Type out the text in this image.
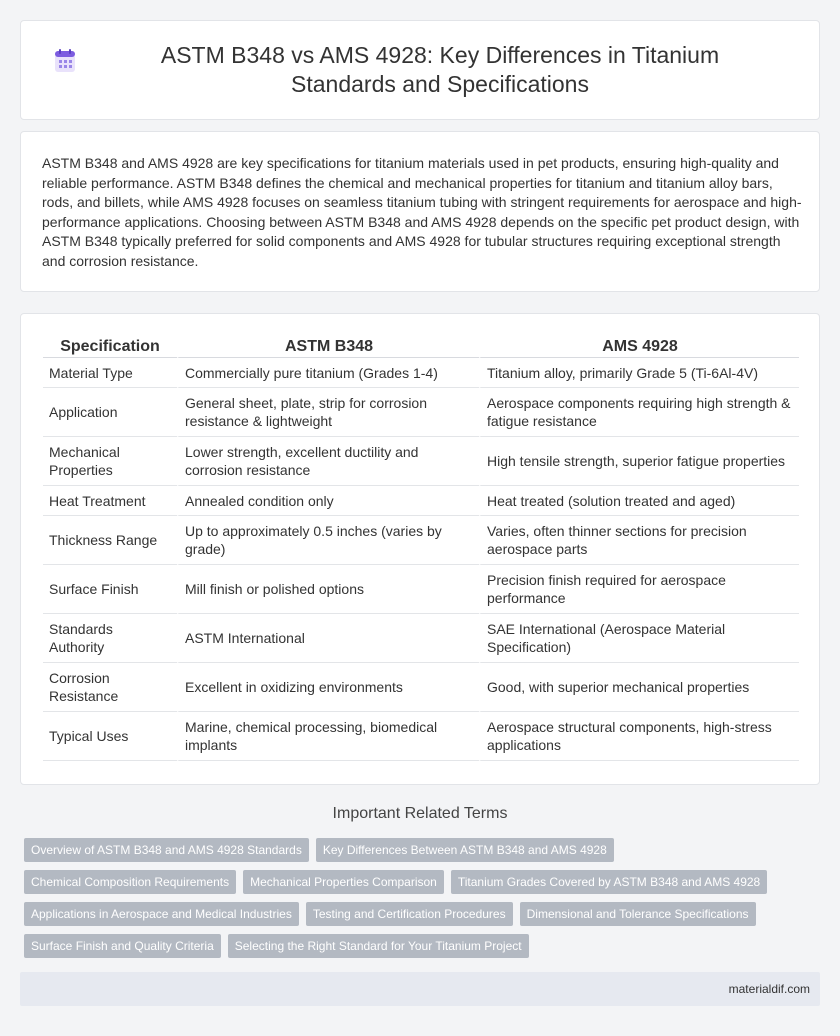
ASTM B348 vs AMS 4928: Key Differences in Titanium Standards and Specifications

ASTM B348 and AMS 4928 are key specifications for titanium materials used in pet products, ensuring high-quality and reliable performance. ASTM B348 defines the chemical and mechanical properties for titanium and titanium alloy bars, rods, and billets, while AMS 4928 focuses on seamless titanium tubing with stringent requirements for aerospace and high-performance applications. Choosing between ASTM B348 and AMS 4928 depends on the specific pet product design, with ASTM B348 typically preferred for solid components and AMS 4928 for tubular structures requiring exceptional strength and corrosion resistance.

Specification	ASTM B348	AMS 4928
Material Type	Commercially pure titanium (Grades 1-4)	Titanium alloy, primarily Grade 5 (Ti-6Al-4V)
Application	General sheet, plate, strip for corrosion resistance & lightweight	Aerospace components requiring high strength & fatigue resistance
Mechanical Properties	Lower strength, excellent ductility and corrosion resistance	High tensile strength, superior fatigue properties
Heat Treatment	Annealed condition only	Heat treated (solution treated and aged)
Thickness Range	Up to approximately 0.5 inches (varies by grade)	Varies, often thinner sections for precision aerospace parts
Surface Finish	Mill finish or polished options	Precision finish required for aerospace performance
Standards Authority	ASTM International	SAE International (Aerospace Material Specification)
Corrosion Resistance	Excellent in oxidizing environments	Good, with superior mechanical properties
Typical Uses	Marine, chemical processing, biomedical implants	Aerospace structural components, high-stress applications
Important Related Terms
Overview of ASTM B348 and AMS 4928 Standards	Key Differences Between ASTM B348 and AMS 4928
Chemical Composition Requirements	Mechanical Properties Comparison	Titanium Grades Covered by ASTM B348 and AMS 4928
Applications in Aerospace and Medical Industries	Testing and Certification Procedures	Dimensional and Tolerance Specifications
Surface Finish and Quality Criteria	Selecting the Right Standard for Your Titanium Project
materialdif.com
